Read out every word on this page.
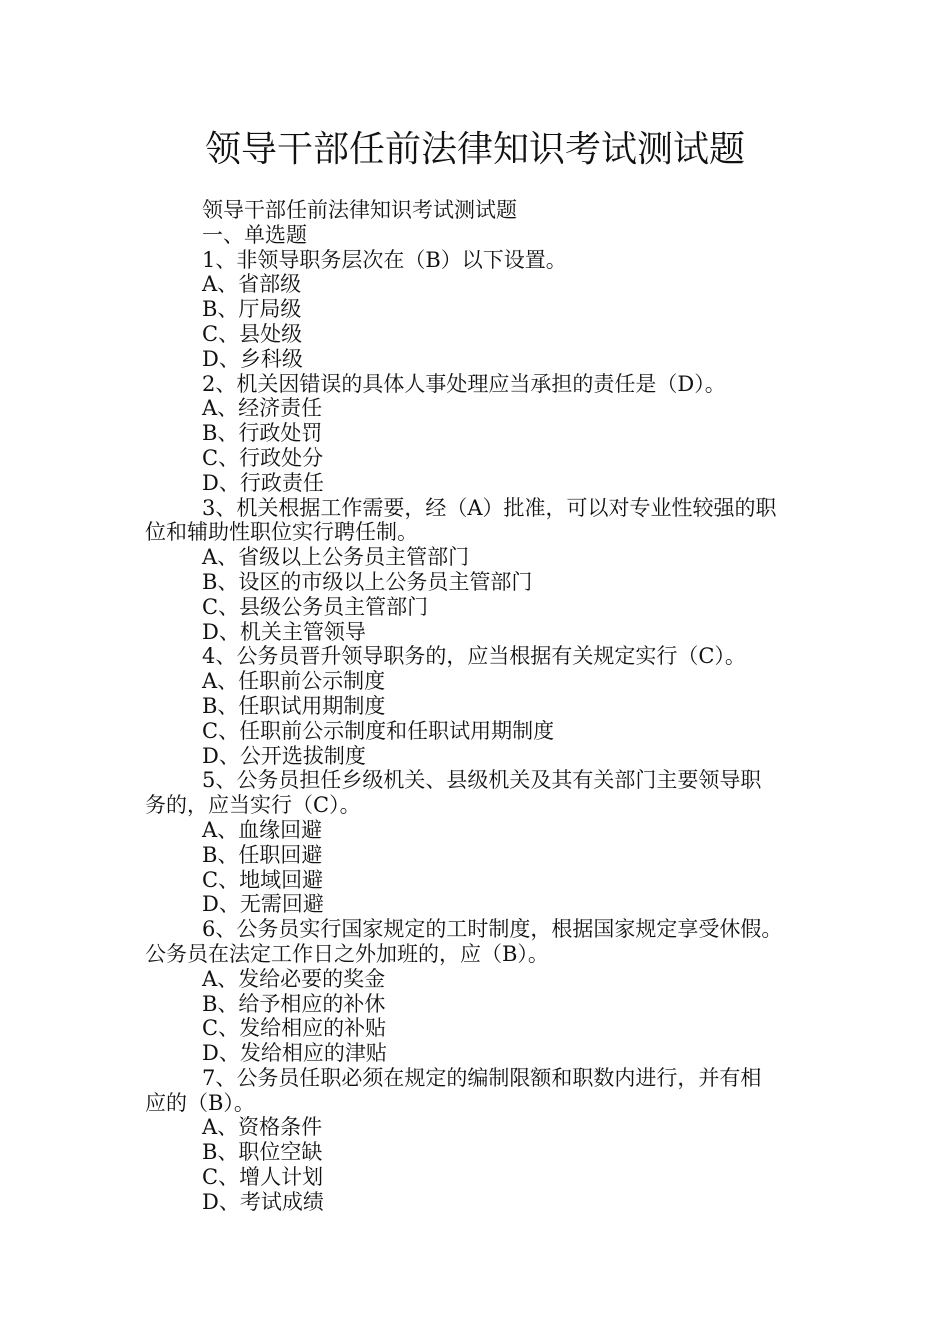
领导干部任前法律知识考试测试题
领导干部任前法律知识考试测试题
一、单选题
1、非领导职务层次在（B）以下设置。
A、省部级
B、厅局级
C、县处级
D、乡科级
2、机关因错误的具体人事处理应当承担的责任是（D）。
A、经济责任
B、行政处罚
C、行政处分
D、行政责任
3、机关根据工作需要，经（A）批准，可以对专业性较强的职
位和辅助性职位实行聘任制。
A、省级以上公务员主管部门
B、设区的市级以上公务员主管部门
C、县级公务员主管部门
D、机关主管领导
4、公务员晋升领导职务的，应当根据有关规定实行（C）。
A、任职前公示制度
B、任职试用期制度
C、任职前公示制度和任职试用期制度
D、公开选拔制度
5、公务员担任乡级机关、县级机关及其有关部门主要领导职
务的，应当实行（C）。
A、血缘回避
B、任职回避
C、地域回避
D、无需回避
6、公务员实行国家规定的工时制度，根据国家规定享受休假。
公务员在法定工作日之外加班的，应（B）。
A、发给必要的奖金
B、给予相应的补休
C、发给相应的补贴
D、发给相应的津贴
7、公务员任职必须在规定的编制限额和职数内进行，并有相
应的（B）。
A、资格条件
B、职位空缺
C、增人计划
D、考试成绩
